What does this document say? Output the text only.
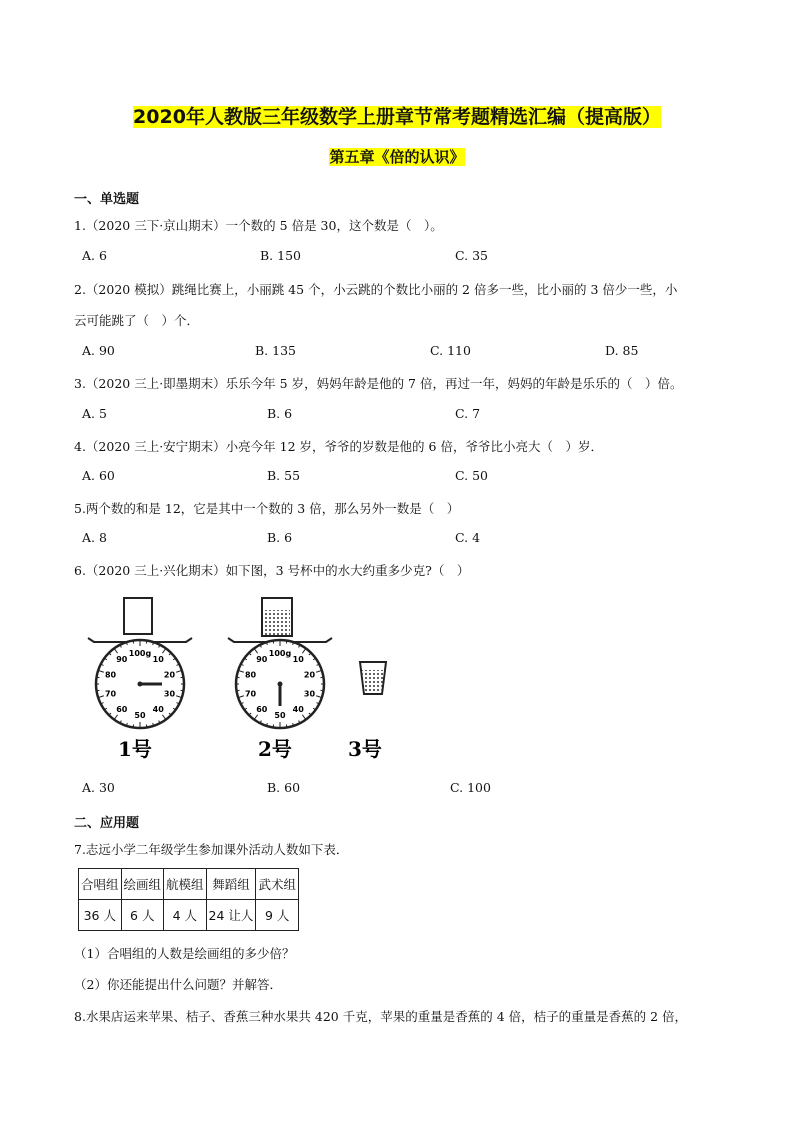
2020年人教版三年级数学上册章节常考题精选汇编（提高版）
第五章《倍的认识》
一、单选题
1.（2020 三下·京山期末）一个数的 5 倍是 30，这个数是（　）。
A. 6	B. 150	C. 35
2.（2020 模拟）跳绳比赛上，小丽跳 45 个，小云跳的个数比小丽的 2 倍多一些，比小丽的 3 倍少一些，小
云可能跳了（　）个．
A. 90	B. 135	C. 110	D. 85
3.（2020 三上·即墨期末）乐乐今年 5 岁，妈妈年龄是他的 7 倍，再过一年，妈妈的年龄是乐乐的（　）倍。
A. 5	B. 6	C. 7
4.（2020 三上·安宁期末）小亮今年 12 岁，爷爷的岁数是他的 6 倍，爷爷比小亮大（　）岁．
A. 60	B. 55	C. 50
5.两个数的和是 12，它是其中一个数的 3 倍，那么另外一数是（　）
A. 8	B. 6	C. 4
6.（2020 三上·兴化期末）如下图，3 号杯中的水大约重多少克?（　）
100g
10
20
30
40
50
60
70
80
90
100g
10
20
30
40
50
60
70
80
90
1号	2号	3号
A. 30	B. 60	C. 100
二、应用题
7.志远小学二年级学生参加课外活动人数如下表．
合唱组	绘画组	航模组	舞蹈组	武术组
36 人	6 人	4 人	24 让人	9 人
（1）合唱组的人数是绘画组的多少倍？
（2）你还能提出什么问题？并解答．
8.水果店运来苹果、桔子、香蕉三种水果共 420 千克，苹果的重量是香蕉的 4 倍，桔子的重量是香蕉的 2 倍，
